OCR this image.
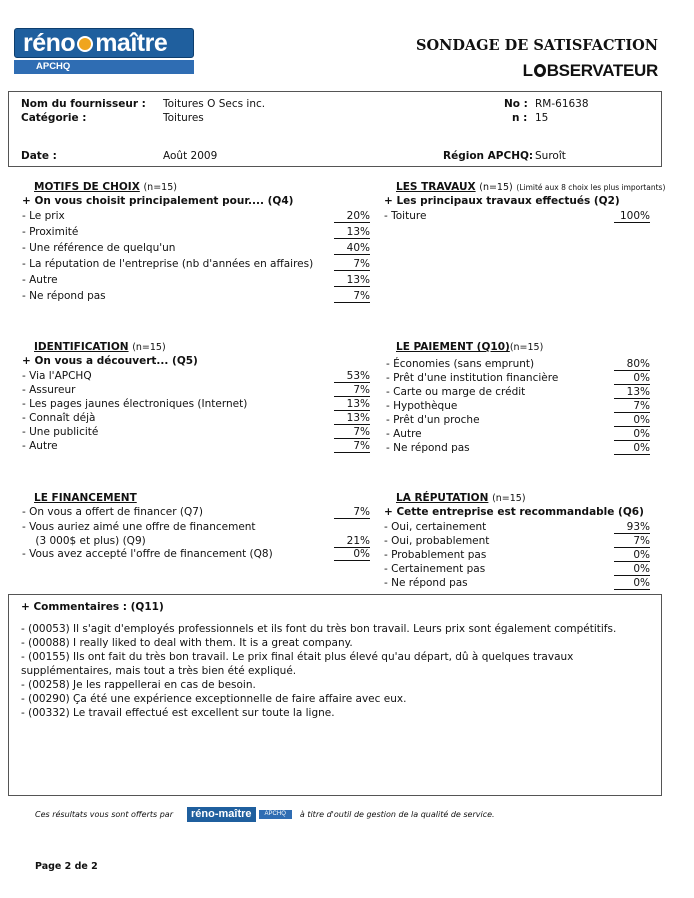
réno maître
APCHQ
SONDAGE DE SATISFACTION
L BSERVATEUR
Nom du fournisseur : Toitures O Secs inc.
Catégorie :	Toitures
No : RM-61638
n : 15
Date :	Août 2009	Région APCHQ: Suroît
MOTIFS DE CHOIX (n=15)
+ On vous choisit principalement pour.... (Q4)
- Le prix	20%
- Proximité	13%
- Une référence de quelqu'un	40%
- La réputation de l'entreprise (nb d'années en affaires)	7%
- Autre	13%
- Ne répond pas	7%
LES TRAVAUX (n=15) (Limité aux 8 choix les plus importants)
+ Les principaux travaux effectués (Q2)
- Toiture	100%
IDENTIFICATION (n=15)
+ On vous a découvert... (Q5)
- Via l'APCHQ	53%
- Assureur	7%
- Les pages jaunes électroniques (Internet)	13%
- Connaît déjà	13%
- Une publicité	7%
- Autre	7%
LE PAIEMENT (Q10)(n=15)
- Économies (sans emprunt)	80%
- Prêt d'une institution financière	0%
- Carte ou marge de crédit	13%
- Hypothèque	7%
- Prêt d'un proche	0%
- Autre	0%
- Ne répond pas	0%
LE FINANCEMENT
- On vous a offert de financer (Q7)	7%
- Vous auriez aimé une offre de financement
(3 000$ et plus) (Q9)	21%
- Vous avez accepté l'offre de financement (Q8)	0%
LA RÉPUTATION (n=15)
+ Cette entreprise est recommandable (Q6)
- Oui, certainement	93%
- Oui, probablement	7%
- Probablement pas	0%
- Certainement pas	0%
- Ne répond pas	0%
+ Commentaires : (Q11)
- (00053) Il s'agit d'employés professionnels et ils font du très bon travail. Leurs prix sont également compétitifs.
- (00088) I really liked to deal with them. It is a great company.
- (00155) Ils ont fait du très bon travail. Le prix final était plus élevé qu'au départ, dû à quelques travaux supplémentaires, mais tout a très bien été expliqué.
- (00258) Je les rappellerai en cas de besoin.
- (00290) Ça été une expérience exceptionnelle de faire affaire avec eux.
- (00332) Le travail effectué est excellent sur toute la ligne.
Ces résultats vous sont offerts par	réno-maître	APCHQ	à titre d'outil de gestion de la qualité de service.
Page 2 de 2
